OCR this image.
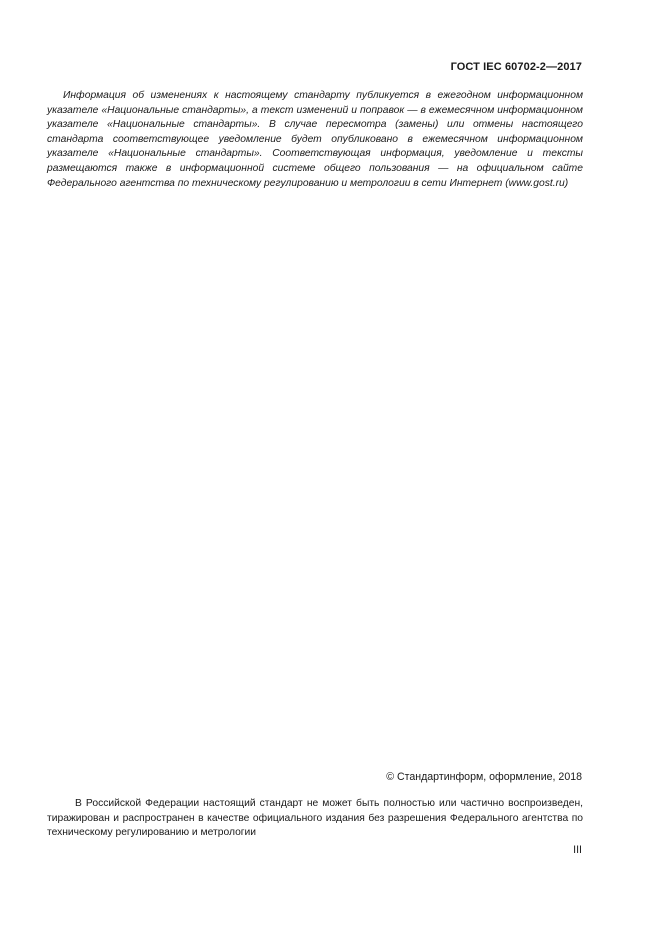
ГОСТ IEC 60702-2—2017

Информация об изменениях к настоящему стандарту публикуется в ежегодном информационном указателе «Национальные стандарты», а текст изменений и поправок — в ежемесячном информационном указателе «Национальные стандарты». В случае пересмотра (замены) или отмены настоящего стандарта соответствующее уведомление будет опубликовано в ежемесячном информационном указателе «Национальные стандарты». Соответствующая информация, уведомление и тексты размещаются также в информационной системе общего пользования — на официальном сайте Федерального агентства по техническому регулированию и метрологии в сети Интернет (www.gost.ru)

© Стандартинформ, оформление, 2018

В Российской Федерации настоящий стандарт не может быть полностью или частично воспроизведен, тиражирован и распространен в качестве официального издания без разрешения Федерального агентства по техническому регулированию и метрологии

III
